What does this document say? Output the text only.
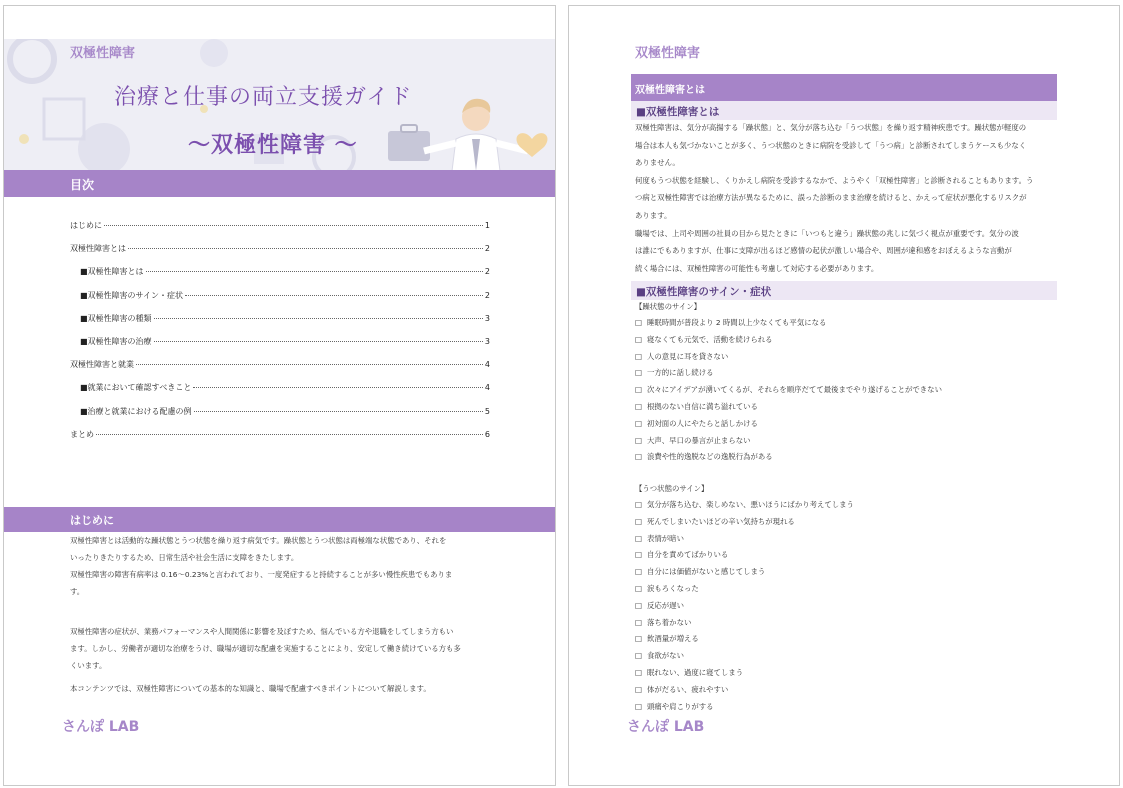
双極性障害
治療と仕事の両立支援ガイド
～双極性障害 ～
目次
はじめに	1
双極性障害とは	2
■双極性障害とは	2
■双極性障害のサイン・症状	2
■双極性障害の種類	3
■双極性障害の治療	3
双極性障害と就業	4
■就業において確認すべきこと	4
■治療と就業における配慮の例	5
まとめ	6
はじめに
双極性障害とは活動的な躁状態とうつ状態を繰り返す病気です。躁状態とうつ状態は両極端な状態であり、それを
いったりきたりするため、日常生活や社会生活に支障をきたします。
双極性障害の障害有病率は 0.16～0.23%と言われており、一度発症すると持続することが多い慢性疾患でもありま
す。
双極性障害の症状が、業務パフォーマンスや人間関係に影響を及ぼすため、悩んでいる方や退職をしてしまう方もい
ます。しかし、労働者が適切な治療をうけ、職場が適切な配慮を実施することにより、安定して働き続けている方も多
くいます。
本コンテンツでは、双極性障害についての基本的な知識と、職場で配慮すべきポイントについて解説します。
さんぽ LAB
双極性障害
双極性障害とは
■双極性障害とは
双極性障害は、気分が高揚する「躁状態」と、気分が落ち込む「うつ状態」を繰り返す精神疾患です。躁状態が軽度の
場合は本人も気づかないことが多く、うつ状態のときに病院を受診して「うつ病」と診断されてしまうケースも少なく
ありません。
何度もうつ状態を経験し、くりかえし病院を受診するなかで、ようやく「双極性障害」と診断されることもあります。う
つ病と双極性障害では治療方法が異なるために、誤った診断のまま治療を続けると、かえって症状が悪化するリスクが
あります。
職場では、上司や周囲の社員の目から見たときに「いつもと違う」躁状態の兆しに気づく視点が重要です。気分の波
は誰にでもありますが、仕事に支障が出るほど感情の起伏が激しい場合や、周囲が違和感をおぼえるような言動が
続く場合には、双極性障害の可能性も考慮して対応する必要があります。
■双極性障害のサイン・症状
【躁状態のサイン】
□ 睡眠時間が普段より 2 時間以上少なくても平気になる
□ 寝なくても元気で、活動を続けられる
□ 人の意見に耳を貸さない
□ 一方的に話し続ける
□ 次々にアイデアが湧いてくるが、それらを順序だてて最後までやり遂げることができない
□ 根拠のない自信に満ち溢れている
□ 初対面の人にやたらと話しかける
□ 大声、早口の暴言が止まらない
□ 浪費や性的逸脱などの逸脱行為がある
【うつ状態のサイン】
□ 気分が落ち込む、楽しめない、悪いほうにばかり考えてしまう
□ 死んでしまいたいほどの辛い気持ちが現れる
□ 表情が暗い
□ 自分を責めてばかりいる
□ 自分には価値がないと感じてしまう
□ 涙もろくなった
□ 反応が遅い
□ 落ち着かない
□ 飲酒量が増える
□ 食欲がない
□ 眠れない、過度に寝てしまう
□ 体がだるい、疲れやすい
□ 頭痛や肩こりがする
さんぽ LAB
